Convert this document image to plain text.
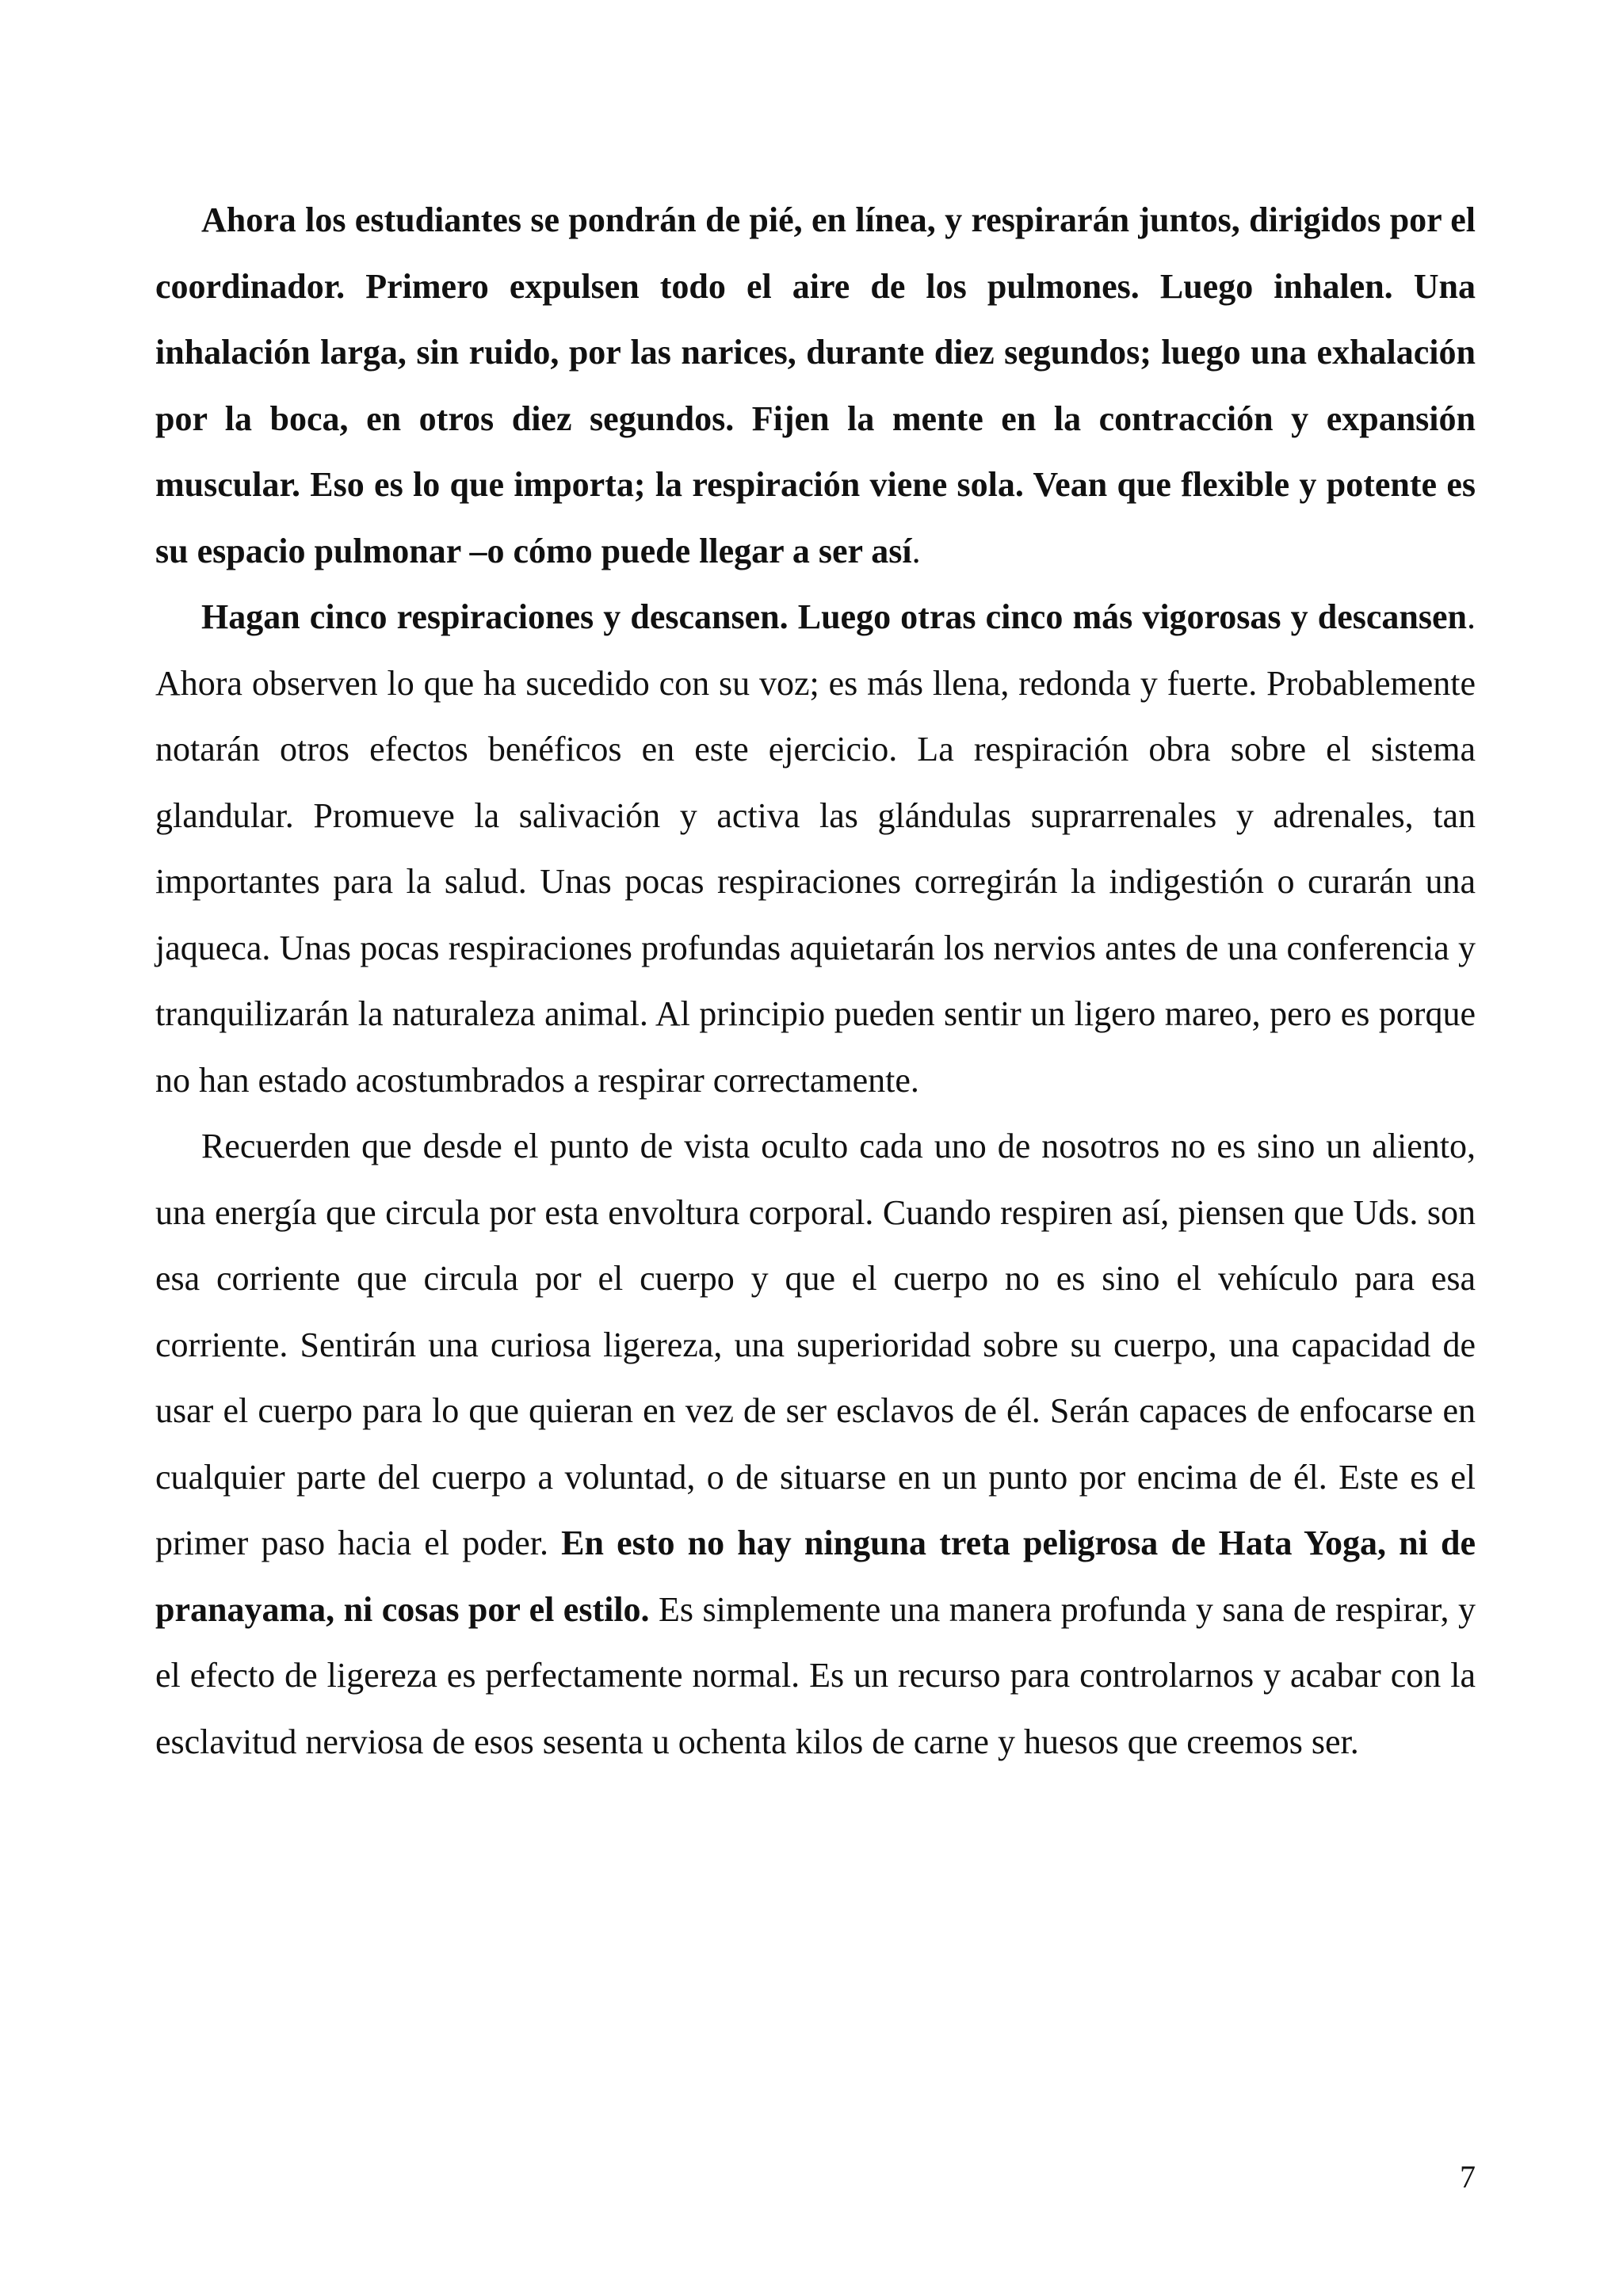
Ahora los estudiantes se pondrán de pié, en línea, y respirarán juntos, dirigidos por el coordinador. Primero expulsen todo el aire de los pulmones. Luego inhalen. Una inhalación larga, sin ruido, por las narices, durante diez segundos; luego una exhalación por la boca, en otros diez segundos. Fijen la mente en la contracción y expansión muscular. Eso es lo que importa; la respiración viene sola. Vean que flexible y potente es su espacio pulmonar –o cómo puede llegar a ser así.

Hagan cinco respiraciones y descansen. Luego otras cinco más vigorosas y descansen. Ahora observen lo que ha sucedido con su voz; es más llena, redonda y fuerte. Probablemente notarán otros efectos benéficos en este ejercicio. La respiración obra sobre el sistema glandular. Promueve la salivación y activa las glándulas suprarrenales y adrenales, tan importantes para la salud. Unas pocas respiraciones corregirán la indigestión o curarán una jaqueca. Unas pocas respiraciones profundas aquietarán los nervios antes de una conferencia y tranquilizarán la naturaleza animal. Al principio pueden sentir un ligero mareo, pero es porque no han estado acostumbrados a respirar correctamente.

Recuerden que desde el punto de vista oculto cada uno de nosotros no es sino un aliento, una energía que circula por esta envoltura corporal. Cuando respiren así, piensen que Uds. son esa corriente que circula por el cuerpo y que el cuerpo no es sino el vehículo para esa corriente. Sentirán una curiosa ligereza, una superioridad sobre su cuerpo, una capacidad de usar el cuerpo para lo que quieran en vez de ser esclavos de él. Serán capaces de enfocarse en cualquier parte del cuerpo a voluntad, o de situarse en un punto por encima de él. Este es el primer paso hacia el poder. En esto no hay ninguna treta peligrosa de Hata Yoga, ni de pranayama, ni cosas por el estilo. Es simplemente una manera profunda y sana de respirar, y el efecto de ligereza es perfectamente normal. Es un recurso para controlarnos y acabar con la esclavitud nerviosa de esos sesenta u ochenta kilos de carne y huesos que creemos ser.

7
